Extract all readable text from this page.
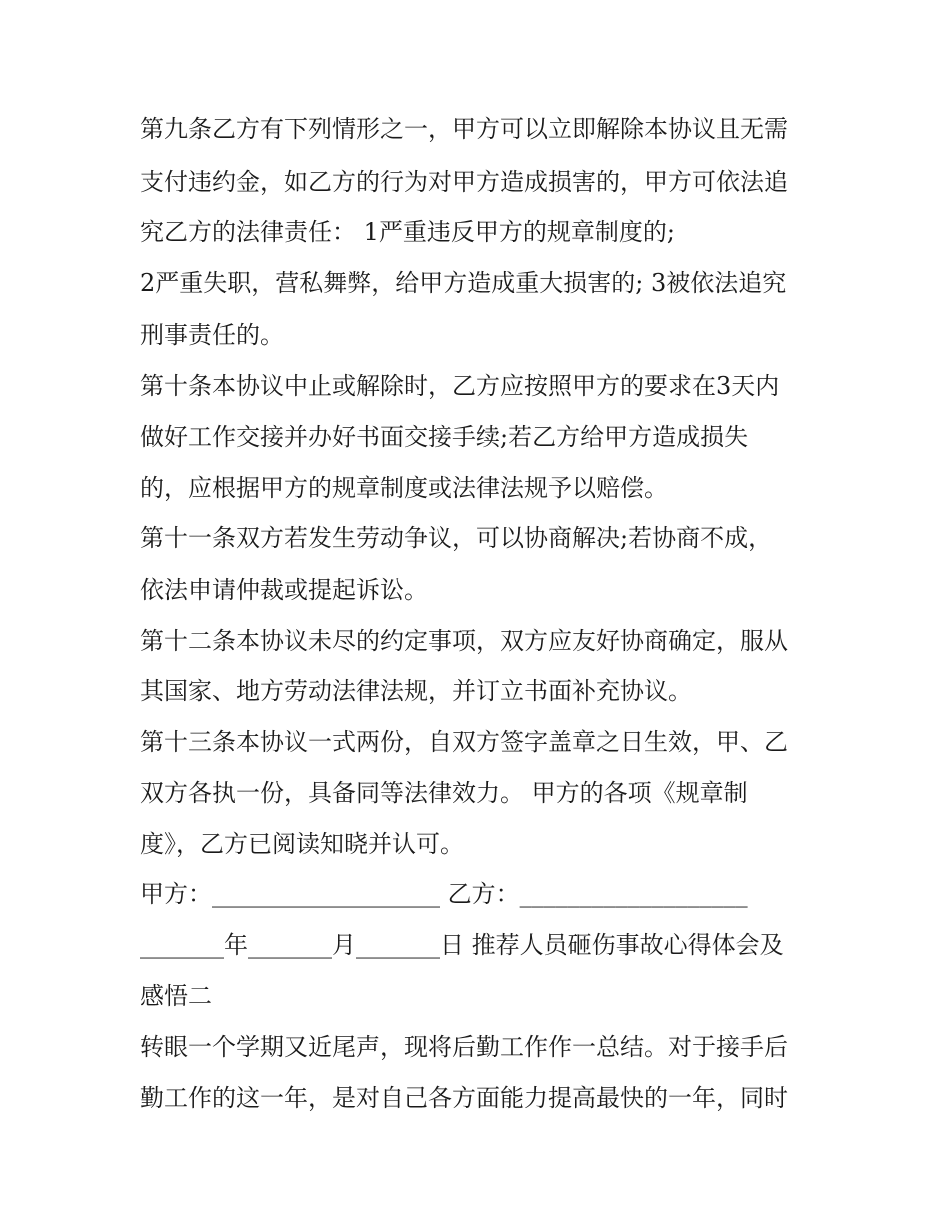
第九条乙方有下列情形之一，甲方可以立即解除本协议且无需
支付违约金，如乙方的行为对甲方造成损害的，甲方可依法追
究乙方的法律责任： 1严重违反甲方的规章制度的;
2严重失职，营私舞弊，给甲方造成重大损害的; 3被依法追究
刑事责任的。
第十条本协议中止或解除时，乙方应按照甲方的要求在3天内
做好工作交接并办好书面交接手续;若乙方给甲方造成损失
的，应根据甲方的规章制度或法律法规予以赔偿。
第十一条双方若发生劳动争议，可以协商解决;若协商不成，
依法申请仲裁或提起诉讼。
第十二条本协议未尽的约定事项，双方应友好协商确定，服从
其国家、地方劳动法律法规，并订立书面补充协议。
第十三条本协议一式两份，自双方签字盖章之日生效，甲、乙
双方各执一份，具备同等法律效力。 甲方的各项《规章制
度》，乙方已阅读知晓并认可。
甲方：___________________ 乙方：___________________
_______年_______月_______日 推荐人员砸伤事故心得体会及
感悟二
转眼一个学期又近尾声，现将后勤工作作一总结。对于接手后
勤工作的这一年，是对自己各方面能力提高最快的一年，同时
